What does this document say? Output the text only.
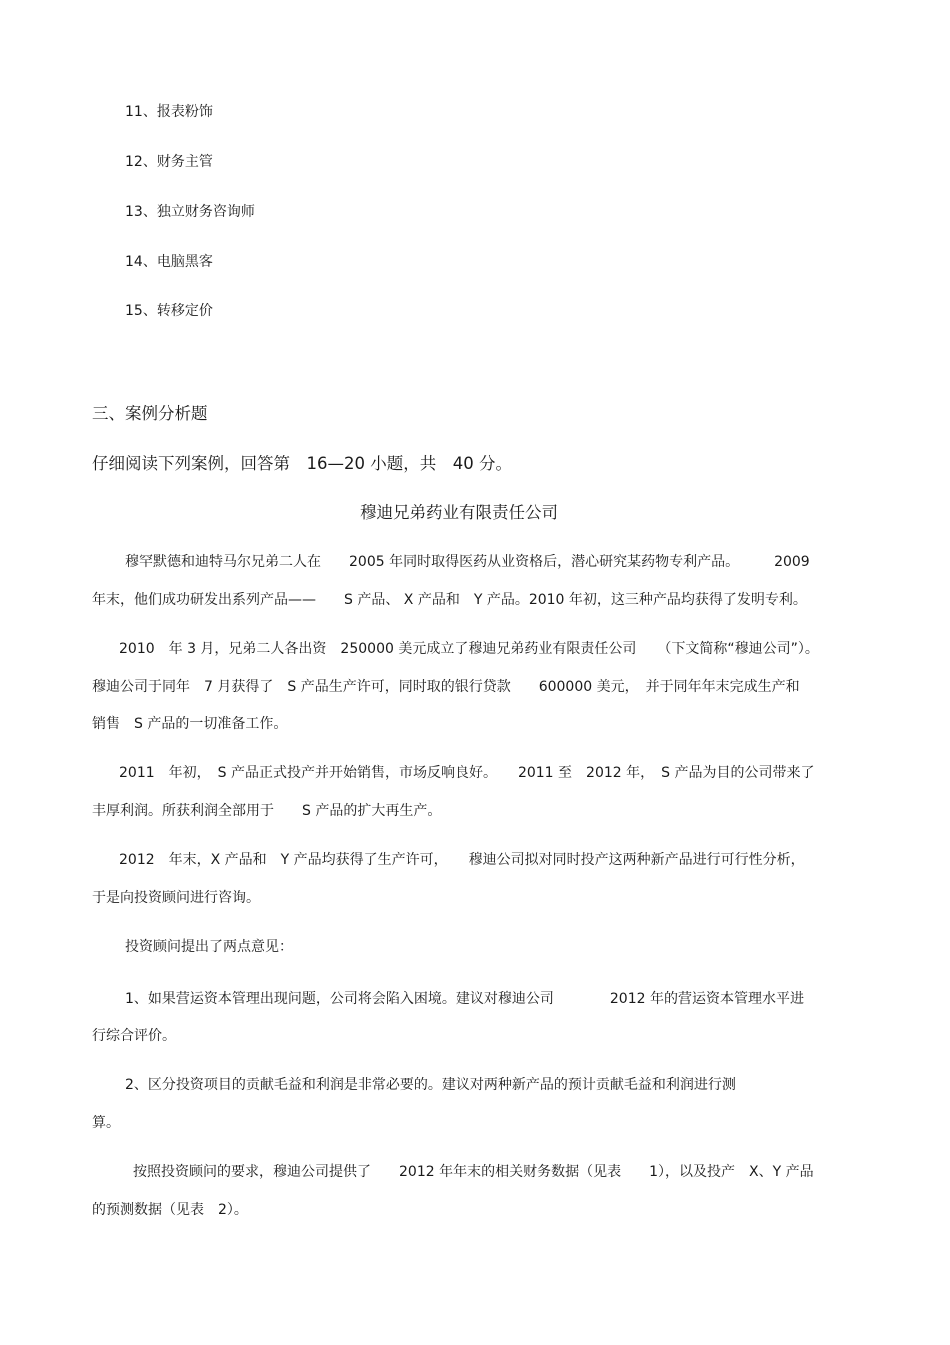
11、报表粉饰

12、财务主管

13、独立财务咨询师

14、电脑黑客

15、转移定价

三、案例分析题

仔细阅读下列案例，回答第　16—20 小题，共　40 分。

穆迪兄弟药业有限责任公司

穆罕默德和迪特马尔兄弟二人在　　2005 年同时取得医药从业资格后，潜心研究某药物专利产品。　　　2009

年末，他们成功研发出系列产品——　　S 产品、 X 产品和　Y 产品。2010 年初，这三种产品均获得了发明专利。

2010　年 3 月，兄弟二人各出资　250000 美元成立了穆迪兄弟药业有限责任公司　　（下文简称“穆迪公司”）。

穆迪公司于同年　7 月获得了　S 产品生产许可，同时取的银行贷款　　600000 美元，　并于同年年末完成生产和

销售　S 产品的一切准备工作。

2011　年初，　S 产品正式投产并开始销售，市场反响良好。　　2011 至　2012 年，　S 产品为目的公司带来了

丰厚利润。所获利润全部用于　　S 产品的扩大再生产。

2012　年末，X 产品和　Y 产品均获得了生产许可，　　穆迪公司拟对同时投产这两种新产品进行可行性分析，

于是向投资顾问进行咨询。

投资顾问提出了两点意见：

1、如果营运资本管理出现问题，公司将会陷入困境。建议对穆迪公司　　　　2012 年的营运资本管理水平进

行综合评价。

2、区分投资项目的贡献毛益和利润是非常必要的。建议对两种新产品的预计贡献毛益和利润进行测

算。

按照投资顾问的要求，穆迪公司提供了　　2012 年年末的相关财务数据（见表　　1），以及投产　X、Y 产品

的预测数据（见表　2）。
